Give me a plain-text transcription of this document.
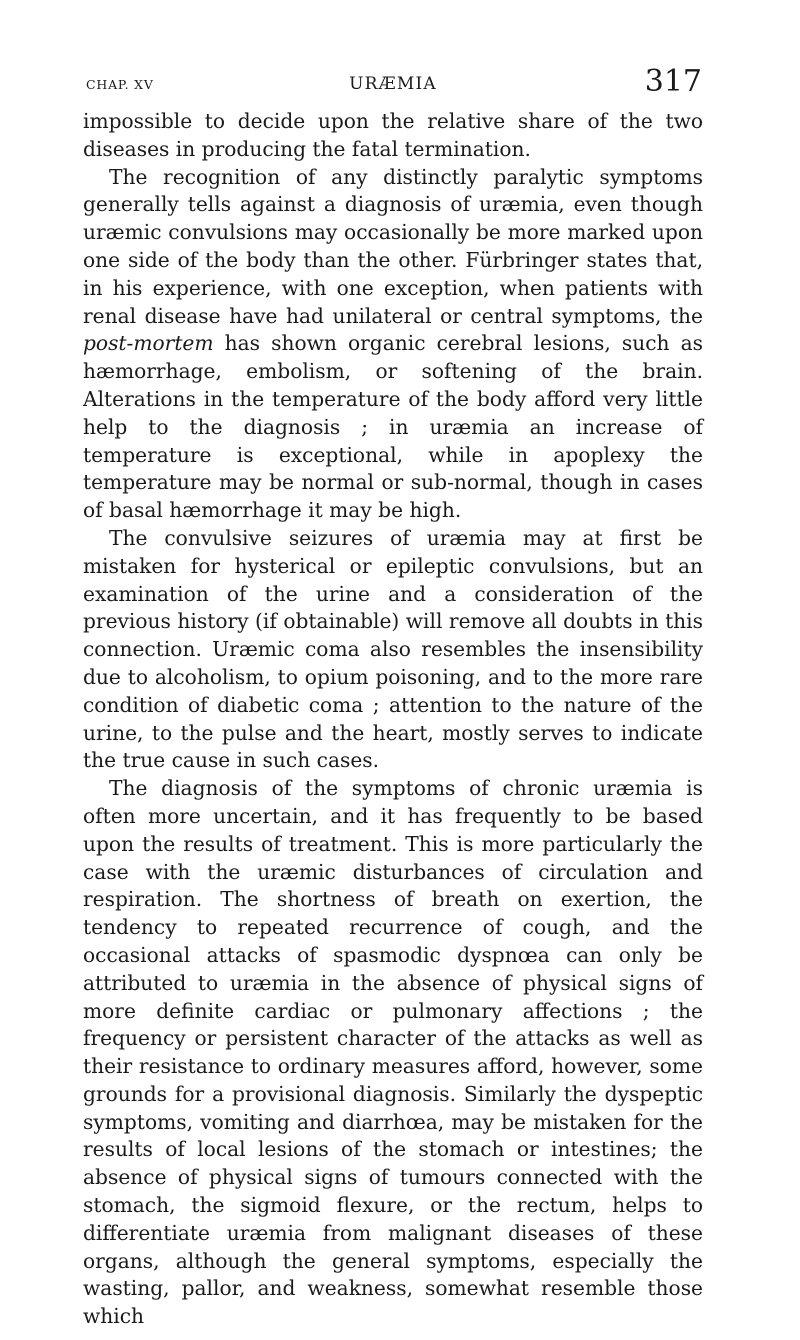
CHAP. XV	URÆMIA	317

impossible to decide upon the relative share of the two diseases in producing the fatal termination.

The recognition of any distinctly paralytic symptoms generally tells against a diagnosis of uræmia, even though uræmic convulsions may occasionally be more marked upon one side of the body than the other. Fürbringer states that, in his experience, with one exception, when patients with renal disease have had unilateral or central symptoms, the post-mortem has shown organic cerebral lesions, such as hæmorrhage, embolism, or softening of the brain. Alterations in the temperature of the body afford very little help to the diagnosis ; in uræmia an increase of temperature is exceptional, while in apoplexy the temperature may be normal or sub-normal, though in cases of basal hæmorrhage it may be high.

The convulsive seizures of uræmia may at first be mistaken for hysterical or epileptic convulsions, but an examination of the urine and a consideration of the previous history (if obtainable) will remove all doubts in this connection. Uræmic coma also resembles the insensibility due to alcoholism, to opium poisoning, and to the more rare condition of diabetic coma ; attention to the nature of the urine, to the pulse and the heart, mostly serves to indicate the true cause in such cases.

The diagnosis of the symptoms of chronic uræmia is often more uncertain, and it has frequently to be based upon the results of treatment. This is more particularly the case with the uræmic disturbances of circulation and respiration. The shortness of breath on exertion, the tendency to repeated recurrence of cough, and the occasional attacks of spasmodic dyspnœa can only be attributed to uræmia in the absence of physical signs of more definite cardiac or pulmonary affections ; the frequency or persistent character of the attacks as well as their resistance to ordinary measures afford, however, some grounds for a provisional diagnosis. Similarly the dyspeptic symptoms, vomiting and diarrhœa, may be mistaken for the results of local lesions of the stomach or intestines; the absence of physical signs of tumours connected with the stomach, the sigmoid flexure, or the rectum, helps to differentiate uræmia from malignant diseases of these organs, although the general symptoms, especially the wasting, pallor, and weakness, somewhat resemble those which
